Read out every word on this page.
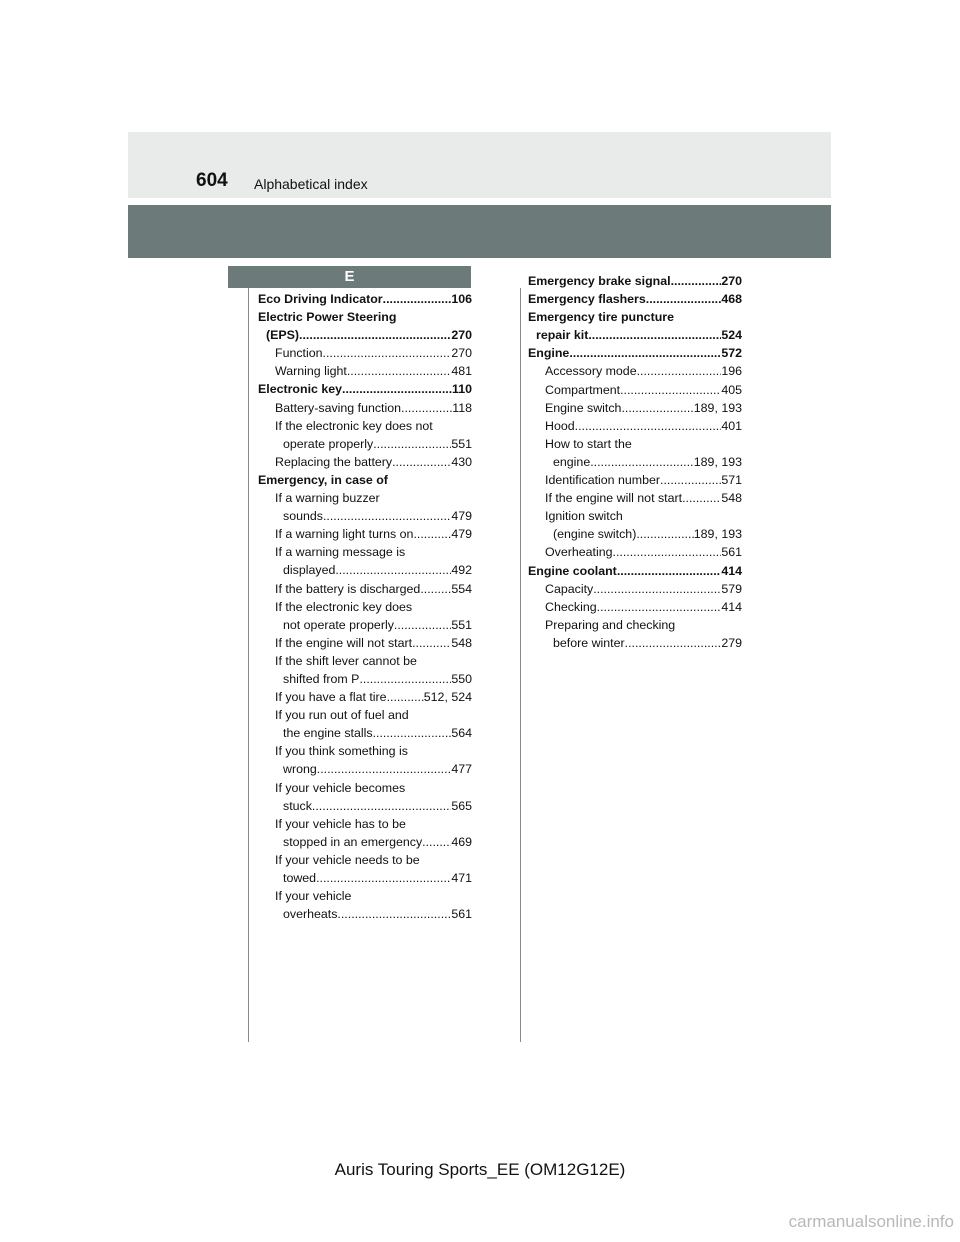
604 Alphabetical index
E
Eco Driving Indicator .....	106
Electric Power Steering
(EPS) .....	270
Function .....	270
Warning light .....	481
Electronic key .....	110
Battery-saving function .....	118
If the electronic key does not
operate properly .....	551
Replacing the battery .....	430
Emergency, in case of
If a warning buzzer
sounds .....	479
If a warning light turns on .....	479
If a warning message is
displayed .....	492
If the battery is discharged ..... 554
If the electronic key does
not operate properly .....	551
If the engine will not start .....	548
If the shift lever cannot be
shifted from P .....	550
If you have a flat tire .....	512, 524
If you run out of fuel and
the engine stalls .....	564
If you think something is
wrong .....	477
If your vehicle becomes
stuck .....	565
If your vehicle has to be
stopped in an emergency ..... 469
If your vehicle needs to be
towed .....	471
If your vehicle
overheats .....	561
Emergency brake signal .....	270
Emergency flashers .....	468
Emergency tire puncture
repair kit .....	524
Engine .....	572
Accessory mode .....	196
Compartment .....	405
Engine switch .....	189, 193
Hood .....	401
How to start the
engine .....	189, 193
Identification number .....	571
If the engine will not start .....	548
Ignition switch
(engine switch) .....	189, 193
Overheating .....	561
Engine coolant .....	414
Capacity .....	579
Checking .....	414
Preparing and checking
before winter .....	279
Auris Touring Sports_EE (OM12G12E)
carmanualsonline.info
